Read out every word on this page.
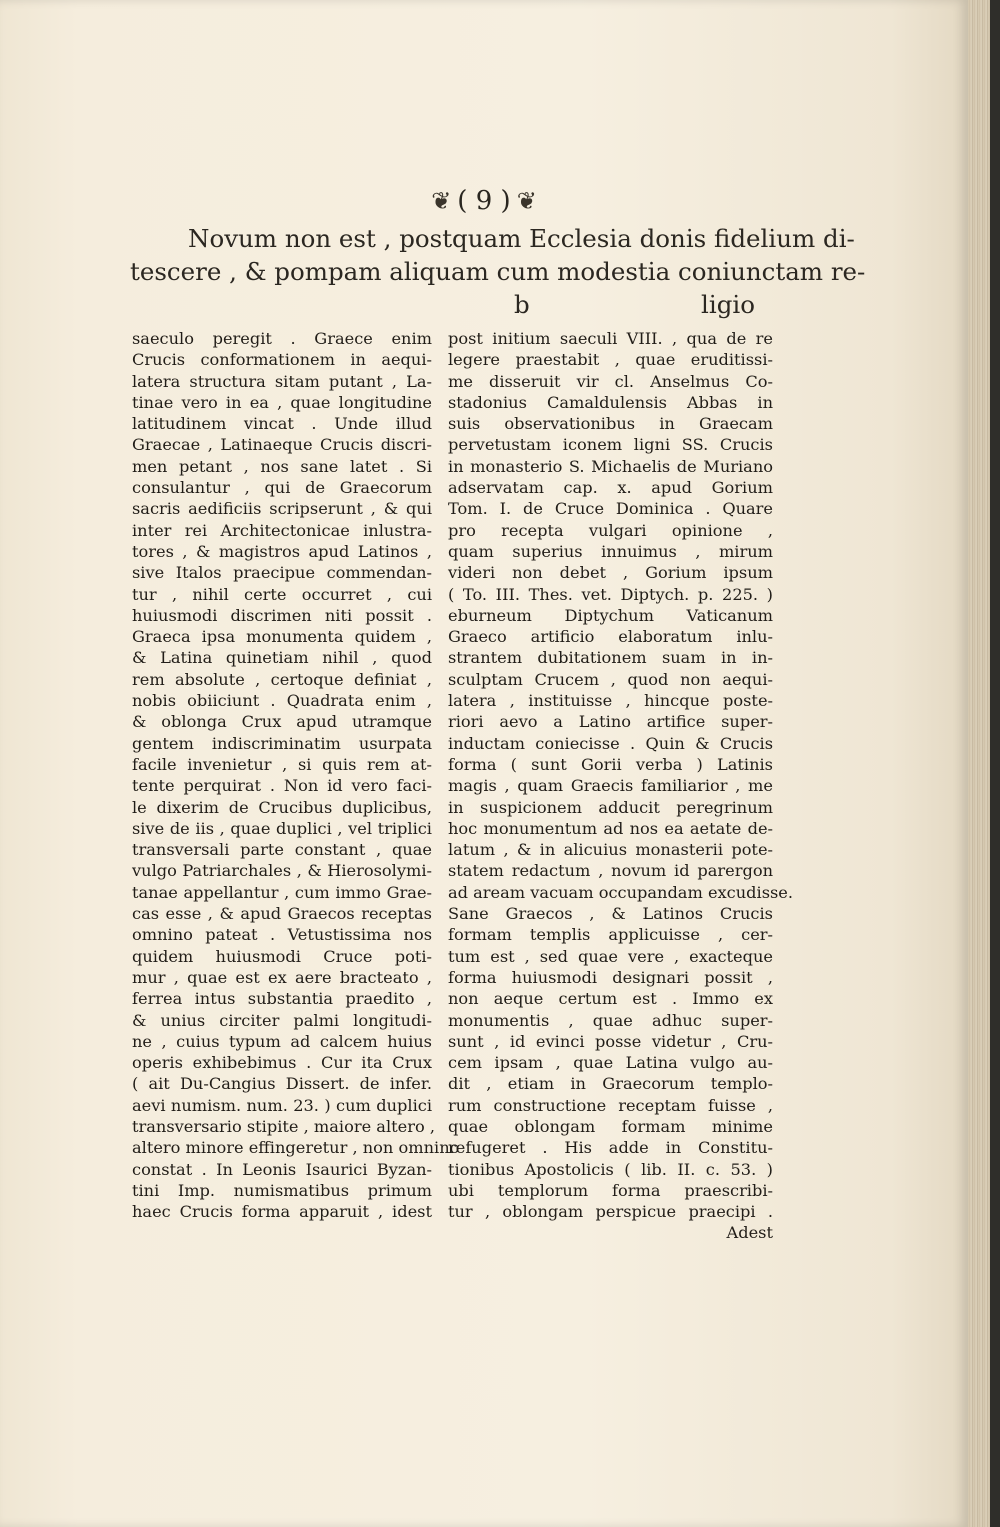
❦ ( 9 ) ❦
Novum non est , postquam Ecclesia donis fidelium di-
tescere , & pompam aliquam cum modestia coniunctam re-
b	ligio
saeculo peregit . Graece enim
Crucis conformationem in aequi-
latera structura sitam putant , La-
tinae vero in ea , quae longitudine
latitudinem vincat . Unde illud
Graecae , Latinaeque Crucis discri-
men petant , nos sane latet . Si
consulantur , qui de Graecorum
sacris aedificiis scripserunt , & qui
inter rei Architectonicae inlustra-
tores , & magistros apud Latinos ,
sive Italos praecipue commendan-
tur , nihil certe occurret , cui
huiusmodi discrimen niti possit .
Graeca ipsa monumenta quidem ,
& Latina quinetiam nihil , quod
rem absolute , certoque definiat ,
nobis obiiciunt . Quadrata enim ,
& oblonga Crux apud utramque
gentem indiscriminatim usurpata
facile invenietur , si quis rem at-
tente perquirat . Non id vero faci-
le dixerim de Crucibus duplicibus,
sive de iis , quae duplici , vel triplici
transversali parte constant , quae
vulgo Patriarchales , & Hierosolymi-
tanae appellantur , cum immo Grae-
cas esse , & apud Graecos receptas
omnino pateat . Vetustissima nos
quidem huiusmodi Cruce poti-
mur , quae est ex aere bracteato ,
ferrea intus substantia praedito ,
& unius circiter palmi longitudi-
ne , cuius typum ad calcem huius
operis exhibebimus . Cur ita Crux
( ait Du-Cangius Dissert. de infer.
aevi numism. num. 23. ) cum duplici
transversario stipite , maiore altero ,
altero minore effingeretur , non omnino
constat . In Leonis Isaurici Byzan-
tini Imp. numismatibus primum
haec Crucis forma apparuit , idest
post initium saeculi VIII. , qua de re
legere praestabit , quae eruditissi-
me disseruit vir cl. Anselmus Co-
stadonius Camaldulensis Abbas in
suis observationibus in Graecam
pervetustam iconem ligni SS. Crucis
in monasterio S. Michaelis de Muriano
adservatam cap. x. apud Gorium
Tom. I. de Cruce Dominica . Quare
pro recepta vulgari opinione ,
quam superius innuimus , mirum
videri non debet , Gorium ipsum
( To. III. Thes. vet. Diptych. p. 225. )
eburneum Diptychum Vaticanum
Graeco artificio elaboratum inlu-
strantem dubitationem suam in in-
sculptam Crucem , quod non aequi-
latera , instituisse , hincque poste-
riori aevo a Latino artifice super-
inductam coniecisse . Quin & Crucis
forma ( sunt Gorii verba ) Latinis
magis , quam Graecis familiarior , me
in suspicionem adducit peregrinum
hoc monumentum ad nos ea aetate de-
latum , & in alicuius monasterii pote-
statem redactum , novum id parergon
ad aream vacuam occupandam excudisse.
Sane Graecos , & Latinos Crucis
formam templis applicuisse , cer-
tum est , sed quae vere , exacteque
forma huiusmodi designari possit ,
non aeque certum est . Immo ex
monumentis , quae adhuc super-
sunt , id evinci posse videtur , Cru-
cem ipsam , quae Latina vulgo au-
dit , etiam in Graecorum templo-
rum constructione receptam fuisse ,
quae oblongam formam minime
refugeret . His adde in Constitu-
tionibus Apostolicis ( lib. II. c. 53. )
ubi templorum forma praescribi-
tur , oblongam perspicue praecipi .
Adest
